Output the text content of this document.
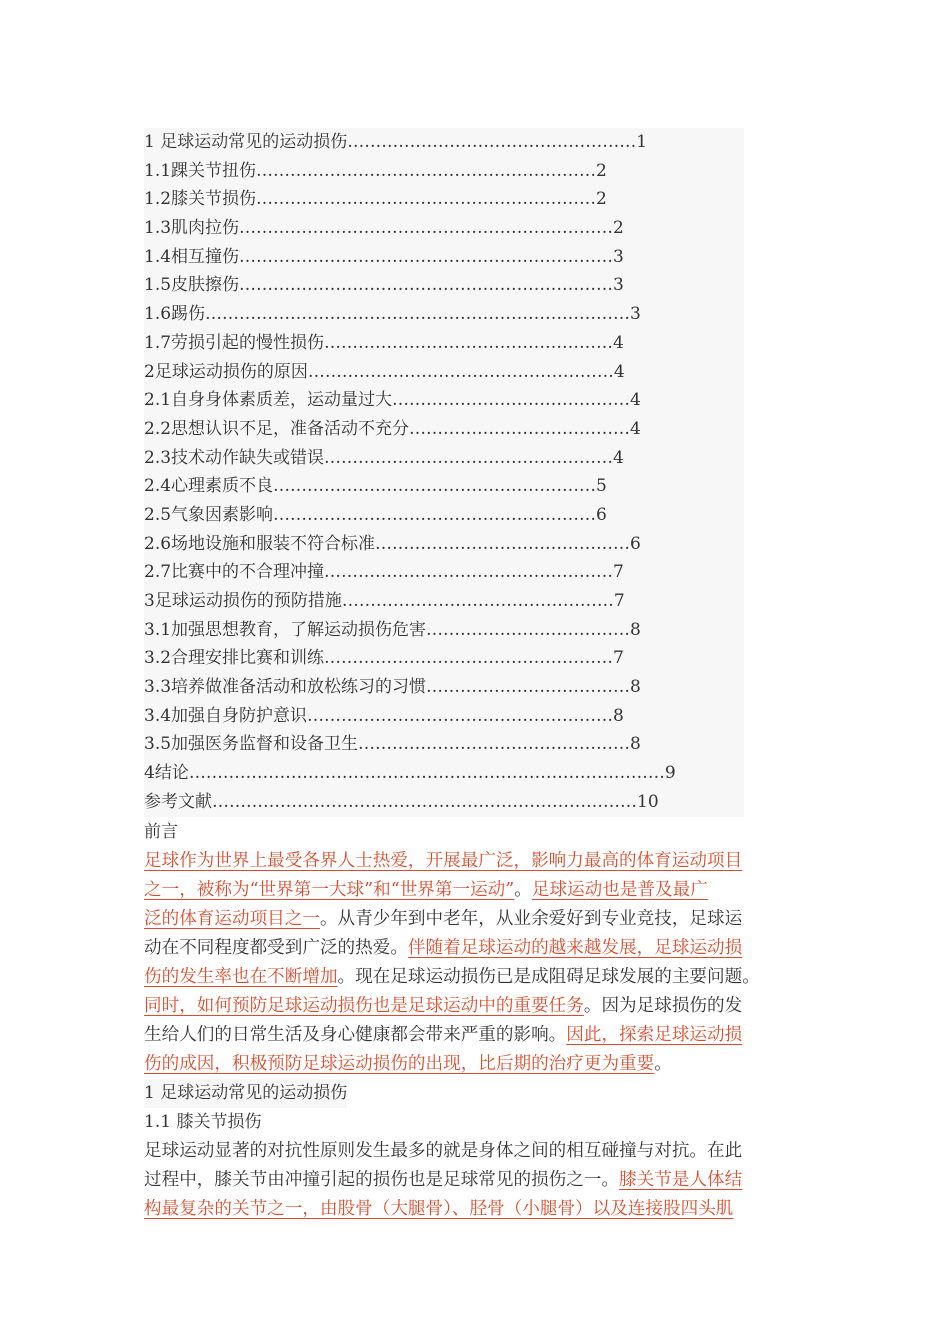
1 足球运动常见的运动损伤 …………………………………………… 1
1.1踝关节扭伤 …………………………………………………… 2
1.2膝关节损伤 …………………………………………………… 2
1.3肌肉拉伤 ………………………………………………………… 2
1.4相互撞伤 ………………………………………………………… 3
1.5皮肤擦伤 ………………………………………………………… 3
1.6踢伤 ………………………………………………………………… 3
1.7劳损引起的慢性损伤 …………………………………………… 4
2足球运动损伤的原因 ……………………………………………… 4
2.1自身身体素质差，运动量过大 …………………………………… 4
2.2思想认识不足，准备活动不充分 ………………………………… 4
2.3技术动作缺失或错误 …………………………………………… 4
2.4心理素质不良 ………………………………………………… 5
2.5气象因素影响 ………………………………………………… 6
2.6场地设施和服装不符合标准 ……………………………………… 6
2.7比赛中的不合理冲撞 …………………………………………… 7
3足球运动损伤的预防措施 ………………………………………… 7
3.1加强思想教育，了解运动损伤危害 ……………………………… 8
3.2合理安排比赛和训练 …………………………………………… 7
3.3培养做准备活动和放松练习的习惯 ……………………………… 8
3.4加强自身防护意识 ……………………………………………… 8
3.5加强医务监督和设备卫生 ………………………………………… 8
4结论 ………………………………………………………………………… 9
参考文献 ………………………………………………………………… 10
前言
足球作为世界上最受各界人士热爱，开展最广泛，影响力最高的体育运动项目
之一，被称为“世界第一大球”和“世界第一运动”。足球运动也是普及最广
泛的体育运动项目之一。从青少年到中老年，从业余爱好到专业竞技，足球运
动在不同程度都受到广泛的热爱。伴随着足球运动的越来越发展，足球运动损
伤的发生率也在不断增加。现在足球运动损伤已是成阻碍足球发展的主要问题。
同时，如何预防足球运动损伤也是足球运动中的重要任务。因为足球损伤的发
生给人们的日常生活及身心健康都会带来严重的影响。因此，探索足球运动损
伤的成因，积极预防足球运动损伤的出现，比后期的治疗更为重要。
1 足球运动常见的运动损伤
1.1 膝关节损伤
足球运动显著的对抗性原则发生最多的就是身体之间的相互碰撞与对抗。在此
过程中，膝关节由冲撞引起的损伤也是足球常见的损伤之一。膝关节是人体结
构最复杂的关节之一，由股骨（大腿骨）、胫骨（小腿骨）以及连接股四头肌
